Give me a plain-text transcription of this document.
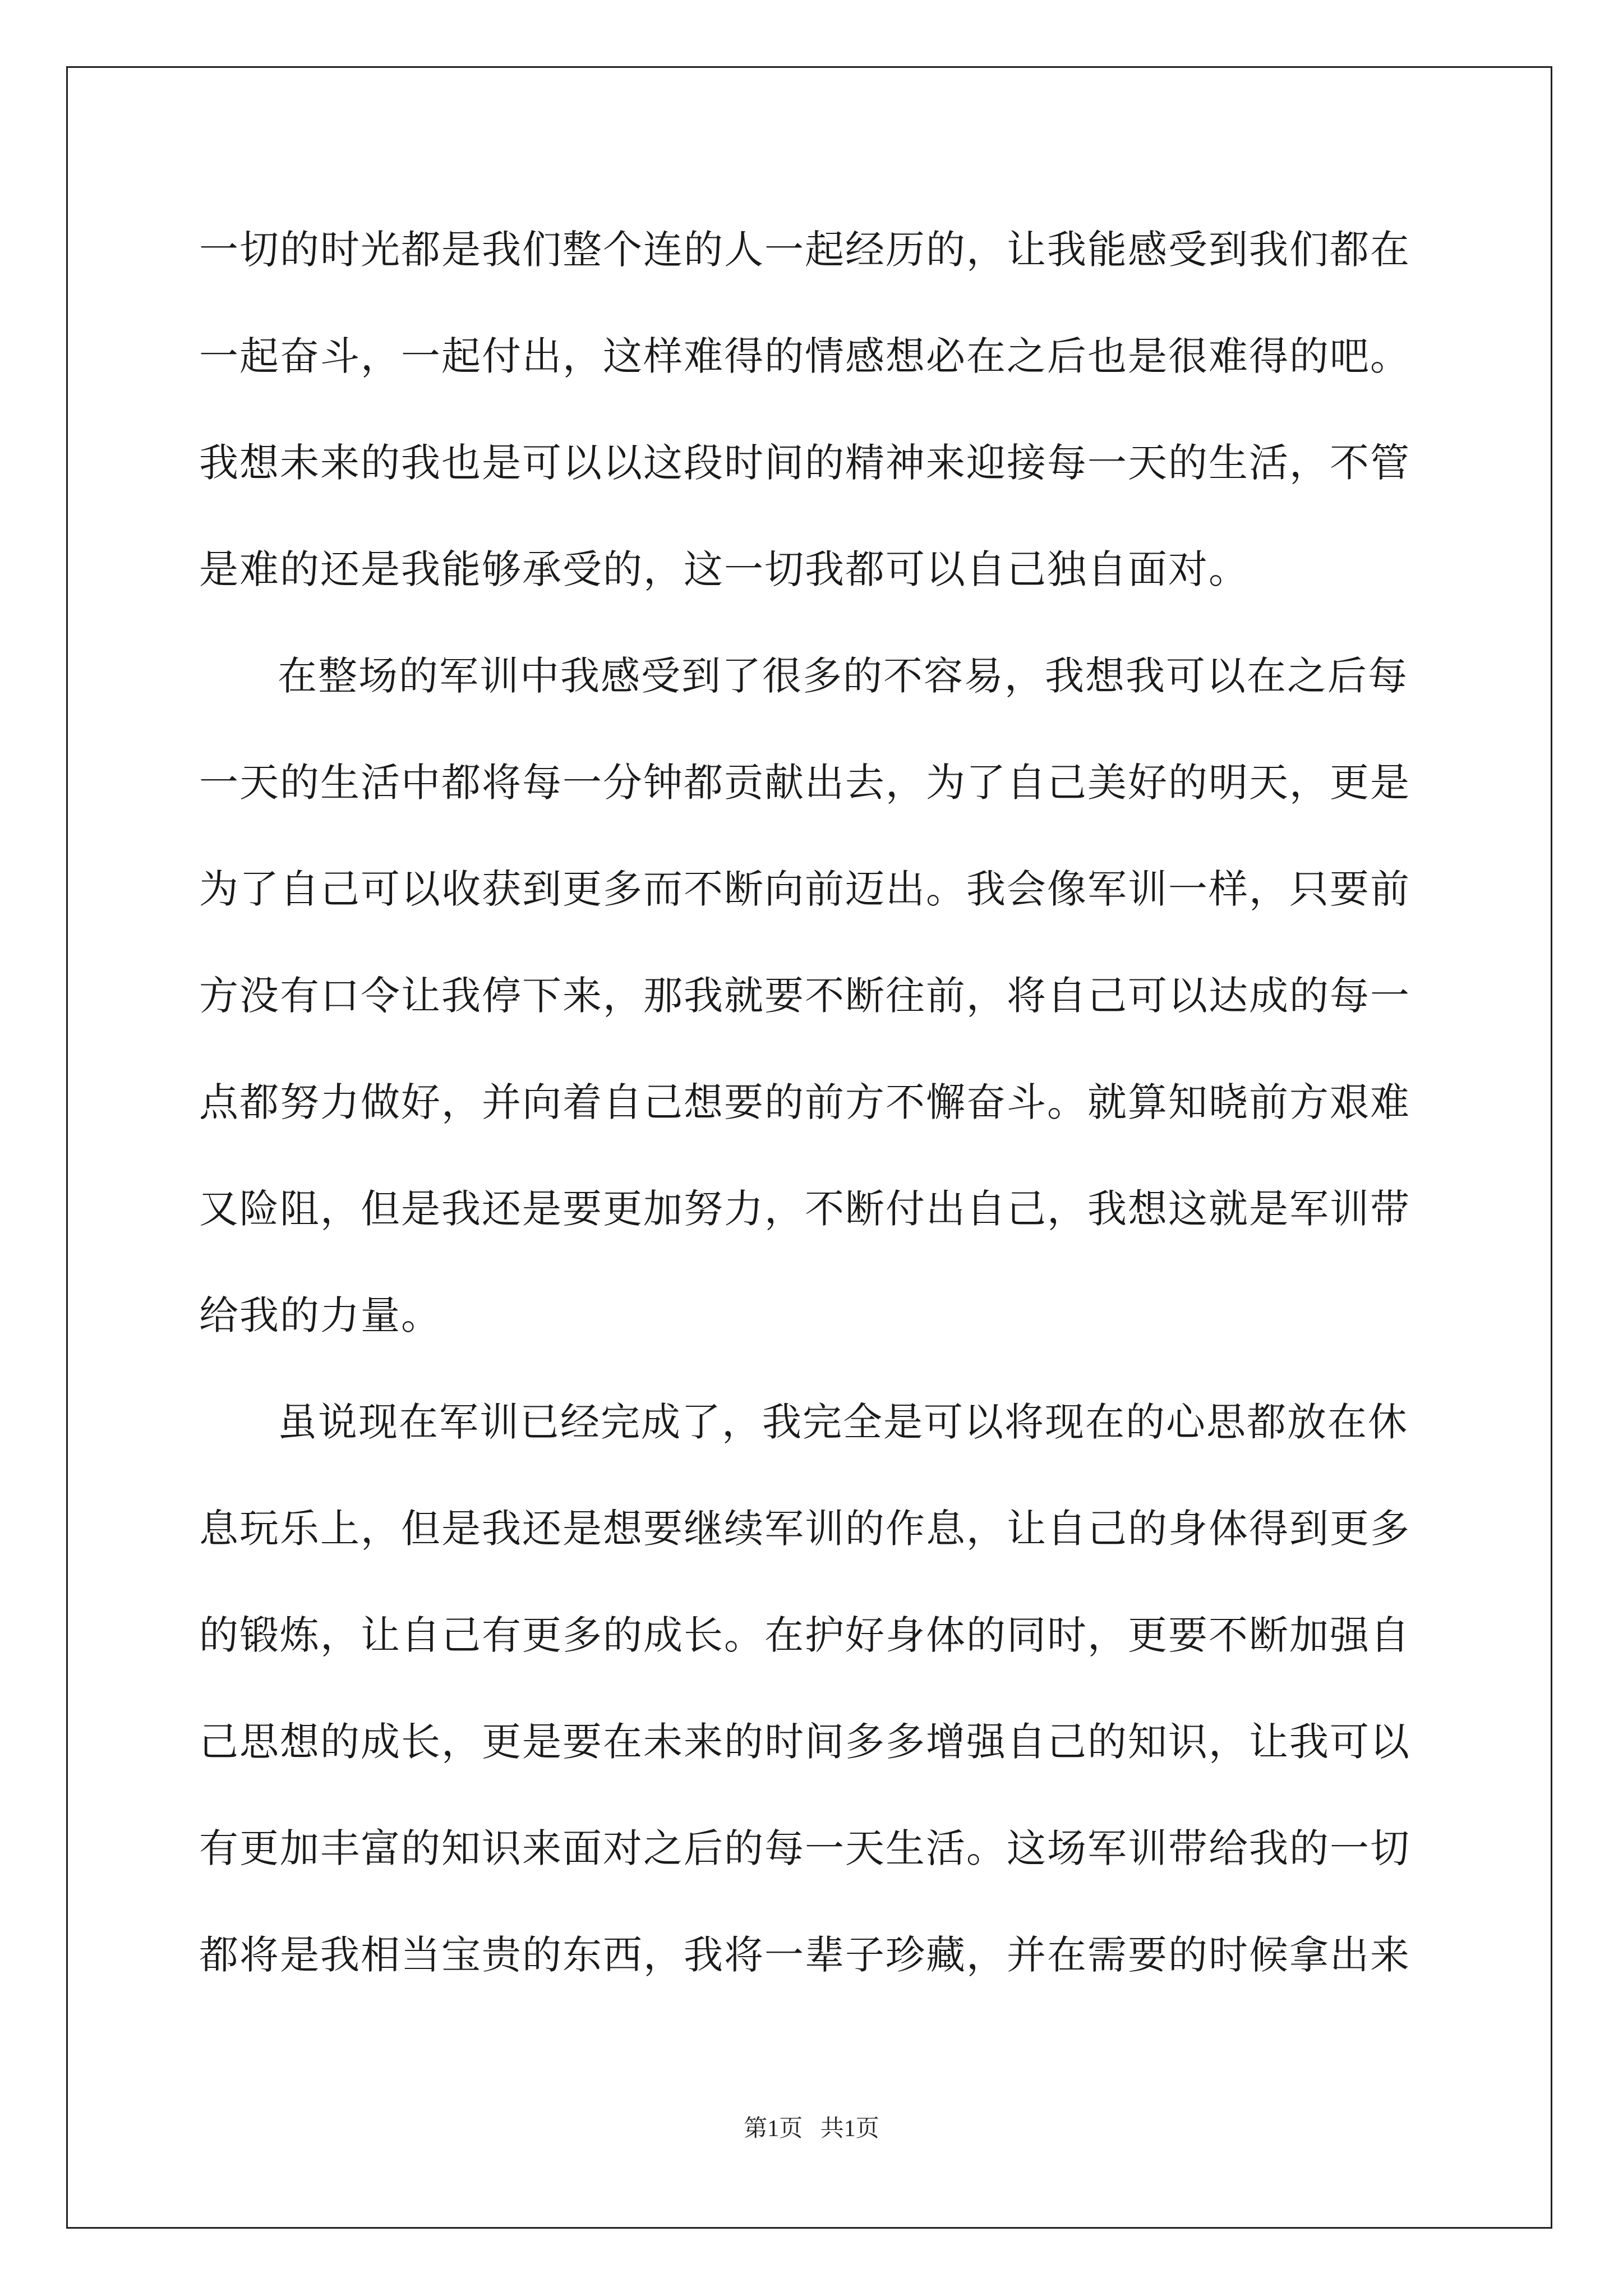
一切的时光都是我们整个连的人一起经历的，让我能感受到我们都在

一起奋斗，一起付出，这样难得的情感想必在之后也是很难得的吧。

我想未来的我也是可以以这段时间的精神来迎接每一天的生活，不管

是难的还是我能够承受的，这一切我都可以自己独自面对。

在整场的军训中我感受到了很多的不容易，我想我可以在之后每

一天的生活中都将每一分钟都贡献出去，为了自己美好的明天，更是

为了自己可以收获到更多而不断向前迈出。我会像军训一样，只要前

方没有口令让我停下来，那我就要不断往前，将自己可以达成的每一

点都努力做好，并向着自己想要的前方不懈奋斗。就算知晓前方艰难

又险阻，但是我还是要更加努力，不断付出自己，我想这就是军训带

给我的力量。

虽说现在军训已经完成了，我完全是可以将现在的心思都放在休

息玩乐上，但是我还是想要继续军训的作息，让自己的身体得到更多

的锻炼，让自己有更多的成长。在护好身体的同时，更要不断加强自

己思想的成长，更是要在未来的时间多多增强自己的知识，让我可以

有更加丰富的知识来面对之后的每一天生活。这场军训带给我的一切

都将是我相当宝贵的东西，我将一辈子珍藏，并在需要的时候拿出来

第1页   共1页
